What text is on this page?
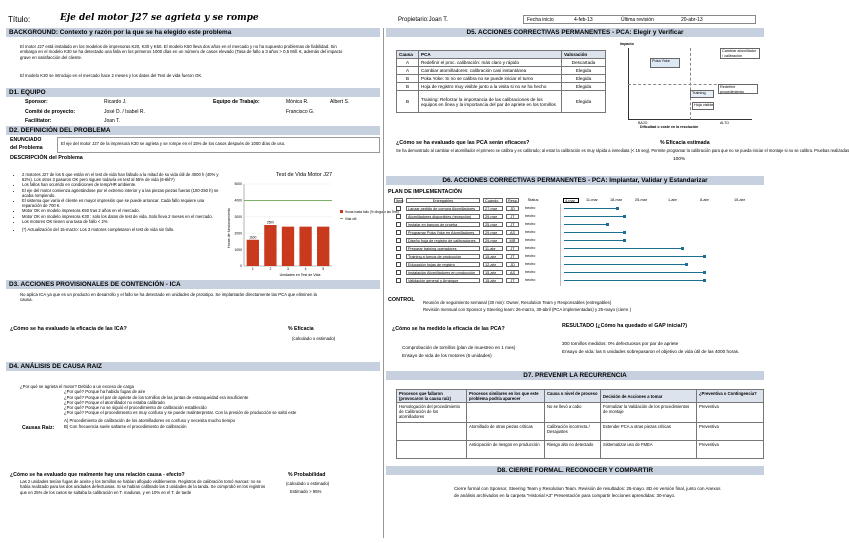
Título:	Eje del motor J27 se agrieta y se rompe	Propietario:Joan T.	Fecha inicio	4-feb-13	Última revisión	20-abr-13
BACKGROUND: Contexto y razón por la que se ha elegido este problema
El motor J27 está instalado en los modelos de impresoras K20, K30 y K50. El modelo K50 lleva dos años en el mercado y no ha supuesto problemas de fiabilidad. Sin embargo en el modelo K30 se ha detectado una falla en los primeros 1000 días en un número de casos elevado (Tasa de fallo a 3 años > 0,5 Mill. €, además del impacto grave en satisfacción del cliente.
El modelo K30 se introdujo en el mercado hace 2 meses y los datos del Test de vida fueron OK.
D1. EQUIPO
Sponsor:	Ricardo J.	Equipo de Trabajo:	Mónica R.	Albert S.
Comité de proyecto:	José D. / Isabel R.	Francisco G.
Facilitator:	Joan T.
D2. DEFINICIÓN DEL PROBLEMA
ENUNCIADO
del Problema
El eje del motor J27 de la impresora K30 se agrieta y se rompe en el 15% de los casos después de 1000 días de uso.
DESCRIPCIÓN del Problema
• 2 motores J27 de los 5 que están en el test de vida han fallado a la mitad de su vida útil de 4000 h (40% y 62%). Los otros 3 pasaron OK pero siguen todavía en test al 55% de vida (6-6kh*)
• Los fallos han ocurrido en condiciones de temp/HR ambiente.
• El eje del motor comienza agrietándose por el extremo interior y a las piezas piezas fueras (100-250 h) se acaba rompiendo.
• El sistema que varía el cliente es mayor impresión que se puede arrancar. Cada fallo requiere una reparación de 700 €.
• Motor OK en modelo impresora K50 tras 2 años en el mercado.
• Motor OK en modelo impresora K30 : solo los datos de test de vida. Solo lleva 2 meses en el mercado.
• Los motores OK tienen una tasa de fallo < 2%
• (*) Actualización del 15-marzo: Los 3 motores completaron el test de vida sin fallo.
Test de Vida Motor J27
Horas de funcionamiento
Unidades en Test de Vida
0
1000
2000
3000
4000
5000
1
1600
2
2500
3	4	5
Horas hasta fallo (% dinguen las Test)
Vida útil
D3. ACCIONES PROVISIONALES DE CONTENCIÓN - ICA
No aplica ICA ya que es un producto en desarrollo y el fallo se ha detectado en unidades de prototipo. Se implantarán directamente las PCA que eliminen la causa.
¿Cómo se ha evaluado la eficacia de las ICA?	% Eficacia
(calculado o estimado)
D4. ANÁLISIS DE CAUSA RAIZ
¿Por qué se agrieta el motor? Debido a un exceso de carga
¿Por qué? Porque ha habido fugas de aire
¿Por qué? Porque el par de apriete de los tornillos de las juntas de estanqueidad era insuficiente
¿Por qué? Porque el atornillador no estaba calibrado
¿Por qué? Porque no se siguió el procedimiento de calibración establecido
¿Por qué? Porque el procedimiento es muy confuso y se puede malinterpretar. Con la presión de producción se saltó este
Causas Raíz:
A) Procedimiento de calibración de los atornilladores es confuso y necesita mucho tiempo
B) Con frecuencia suele saltarse el procedimiento de calibración
¿Cómo se ha evaluado que realmente hay una relación causa - efecto?	% Probabilidad
(calculado o estimado)
Estimado > 95%
Las 2 unidades tenían fugas de aceite y los tornillos se habían aflojado visiblemente. Registros de calibración tomó marcas: no se había realizado para las dos unidades defectuosas. Si se habían calibrado las 3 unidades de la tanda. Se comprobó en los registros que en 25% de los casos se saltaba la calibración en T. maduras, y en 10% en el T. de tarde
D5. ACCIONES CORRECTIVAS PERMANENTES - PCA: Elegir y Verificar
Causa	PCA	Valoración
A	Redefinir el proc. calibración: más claro y rápido	Descartada
A	Cambiar atornilladores: calibración casi instantánea	Elegida
B	Poka Yoke: Si no se calibra no se puede iniciar el turno	Elegida
B	Hoja de registro muy visible junto a la visita si no se ha hecho	Elegida
B	Training: Reforzar la importancia de las calibraciones de los equipos en línea y la importancia del par de apriete en los tornillos	Elegida
Impacto
BAJO	ALTO
Dificultad o coste en la resolución
Cambiar atornillador / calibración
Poka Yoke
Training
Redefinir procedimiento
Hoja visible
¿Cómo se ha evaluado que las PCA serán eficaces?
Se ha demostrado al cambiar el atornillador el primero se calibra y es calibrado; al estar la calibración es muy rápida a inmediata (< 15 seg). Permite programar la calibración para que no se pueda iniciar el montaje si no se calibra. Pruebas realizadas
% Eficacia estimada
100%
D6. ACCIONES CORRECTIVAS PERMANENTES - PCA: Implantar, Validar y Estandarizar
PLAN DE IMPLEMENTACIÓN
Item	Entregables	Cuándo	Resp.	Status	4-mar	11-mar	18-mar	25-mar	1-abr	8-abr	15-abr
Lanzar pedido de compra Atornilladores	27-mar	JD	hecho
Atornilladores disponibles (recepción)	29-mar	JT	hecho
Instalar en bancos de prueba	25-mar	JT	hecho
Programar Poka Yoke en Atornilladores	29-mar	AS	hecho
Diseño hoja de registro de calibraciones	29-mar	MR	hecho
Preparar training operadores	11-abr	JT	hecho
Training a turnos de producción	15-abr	JT	hecho
Educación hojas de registro	12-abr	JD	hecho
Instalación Atornilladores en producción	15-abr	AS	hecho
Validación general y Arranque	15-abr	JT	hecho
CONTROL Reunión de seguimiento semanal (30 min): Owner, Resolution Team y Responsables (entregables)
Revisión mensual con Sponsor y Steering team: 26-marzo, 30-abril (PCA implementadas) y 25-mayo (cierre )
¿Cómo se ha medido la eficacia de las PCA?	RESULTADO (¿Cómo ha quedado el GAP inicial?)
Comprobación de tornillos (plan de muestreo en 1 mes)
Ensayo de vida de los motores (5 unidades)
300 tornillos medidos: 0% defectuosos por par de apriete
Ensayo de vida: las 5 unidades sobrepasaron el objetivo de vida útil de las 4000 horas.
D7. PREVENIR LA RECURRENCIA
Procesos que fallaron (provocaron la causa raíz)	Procesos similares en los que este problema podría aparecer	Causa o nivel de proceso	Decisión de Acciones a tomar	¿Preventiva o Contingencia?
Homologación del procedimiento de Calibración de los atornilladores		No se llevó a cabo	Formalizar la Validación de los procedimientos de montaje	Preventiva
	Atornillado de otras piezas críticas	Calibración incorrecta / Desajustes	Extender PCA a otras piezas críticas	Preventiva
	Anticipación de riesgos en producción	Riesgo alto no detectado	Sistematizar uso de FMEA	Preventiva
D8. CIERRE FORMAL. RECONOCER Y COMPARTIR
Cierre formal con Sponsor, Steering Team y Resolution Team. Revisión de resultados: 25-mayo. 8D en versión final, junto con Anexos de análisis archivados en la carpeta "Historial A3" Presentación para compartir lecciones aprendidas: 30-mayo.
